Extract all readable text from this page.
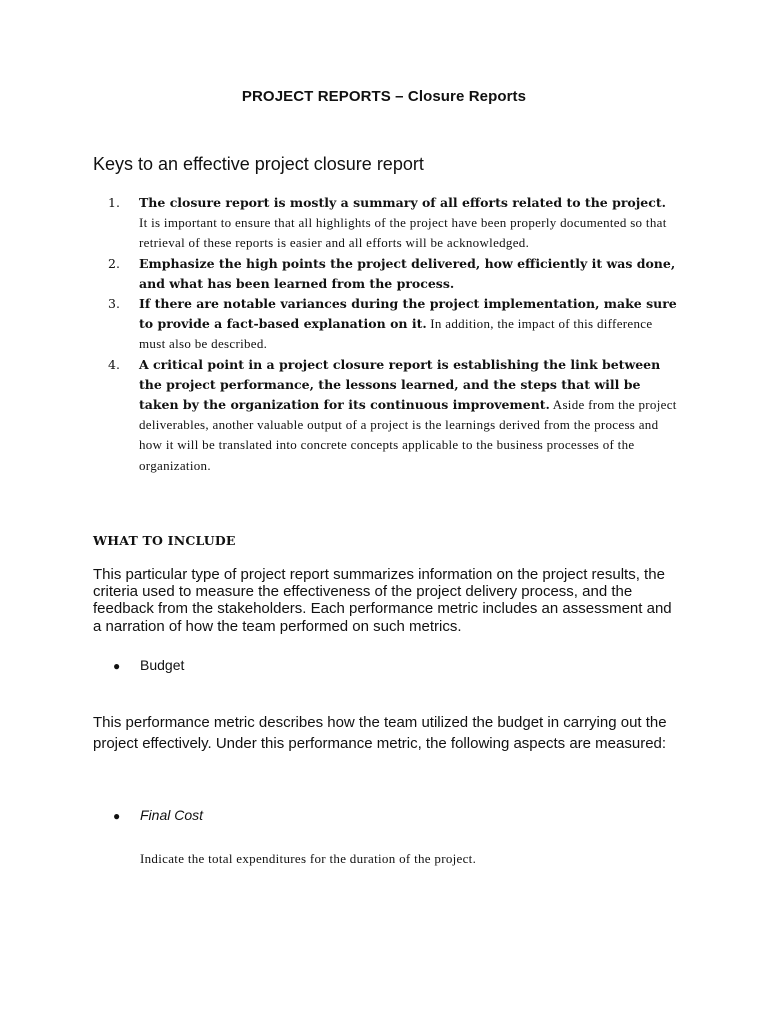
PROJECT REPORTS – Closure Reports
Keys to an effective project closure report
1.	The closure report is mostly a summary of all efforts related to the project. It is important to ensure that all highlights of the project have been properly documented so that retrieval of these reports is easier and all efforts will be acknowledged.
2.	Emphasize the high points the project delivered, how efficiently it was done, and what has been learned from the process.
3.	If there are notable variances during the project implementation, make sure to provide a fact-based explanation on it. In addition, the impact of this difference must also be described.
4.	A critical point in a project closure report is establishing the link between the project performance, the lessons learned, and the steps that will be taken by the organization for its continuous improvement. Aside from the project deliverables, another valuable output of a project is the learnings derived from the process and how it will be translated into concrete concepts applicable to the business processes of the organization.
WHAT TO INCLUDE

This particular type of project report summarizes information on the project results, the criteria used to measure the effectiveness of the project delivery process, and the feedback from the stakeholders. Each performance metric includes an assessment and a narration of how the team performed on such metrics.

● Budget

This performance metric describes how the team utilized the budget in carrying out the project effectively. Under this performance metric, the following aspects are measured:

● Final Cost
Indicate the total expenditures for the duration of the project.
